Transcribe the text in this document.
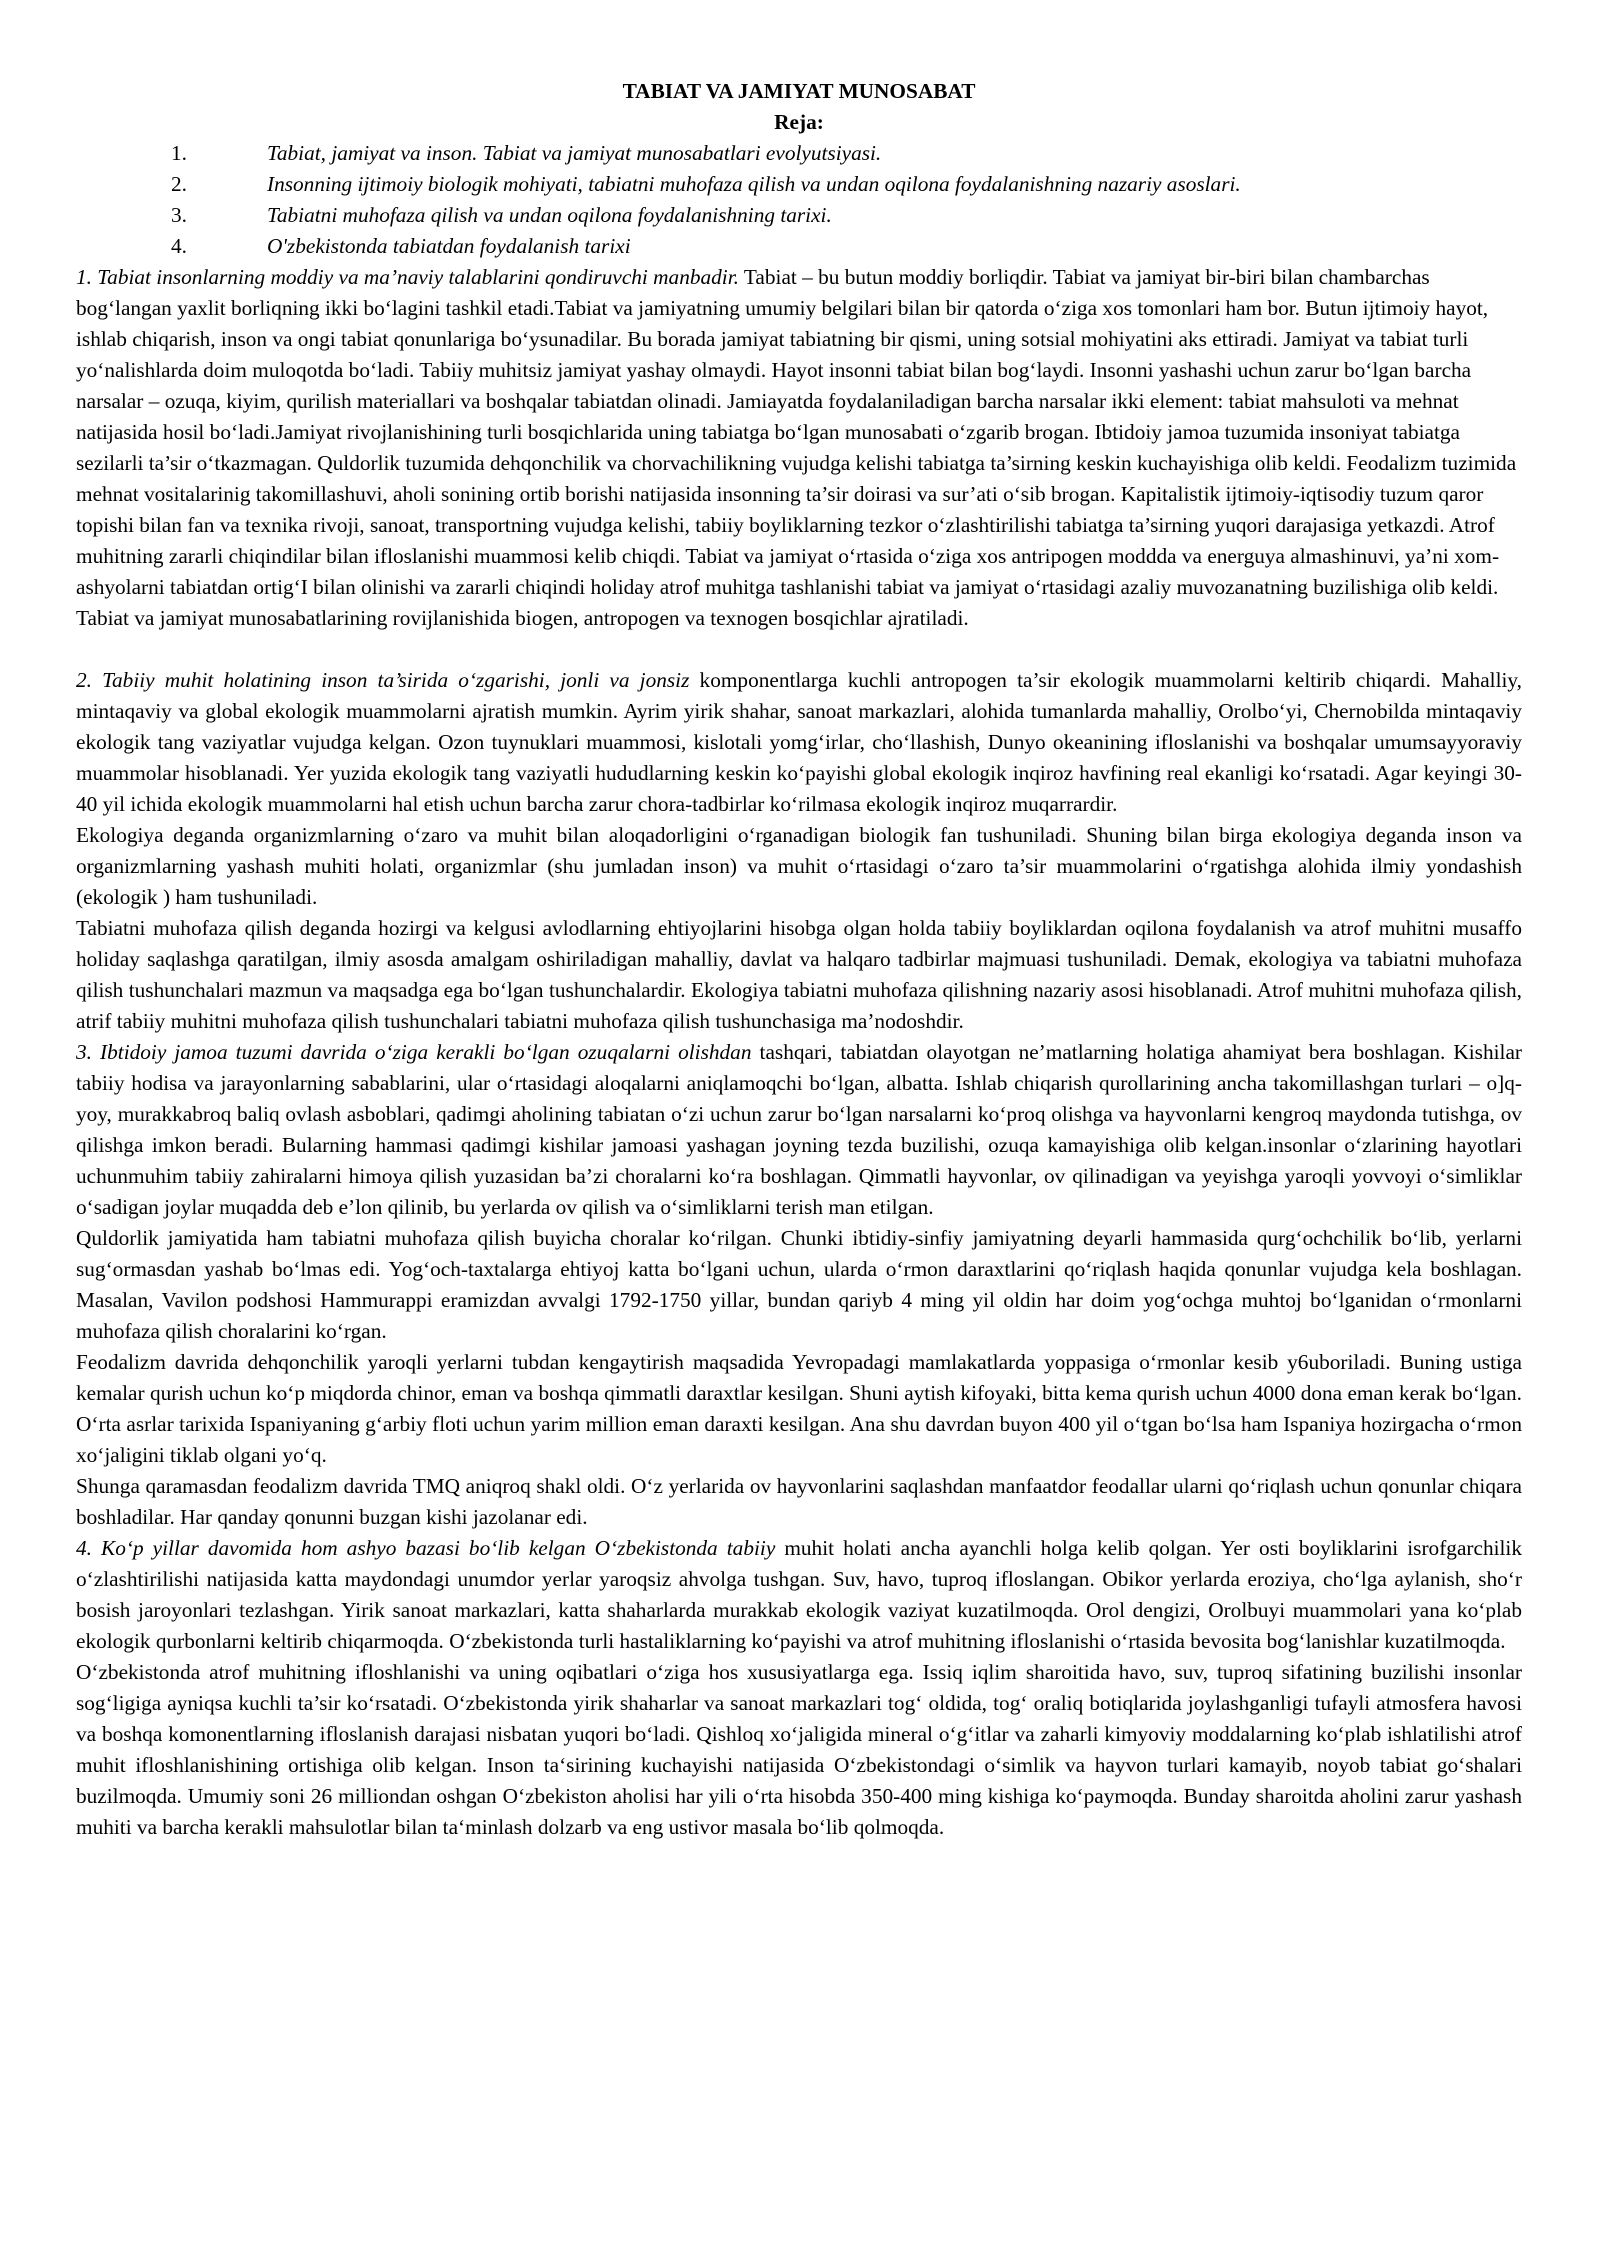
TABIAT VA JAMIYAT MUNOSABAT
Reja:
1.	Tabiat, jamiyat va inson. Tabiat va jamiyat munosabatlari evolyutsiyasi.
2.	Insonning ijtimoiy biologik mohiyati, tabiatni muhofaza qilish va undan oqilona foydalanishning nazariy asoslari.
3.	Tabiatni muhofaza qilish va undan oqilona foydalanishning tarixi.
4.	O'zbekistonda tabiatdan foydalanish tarixi

1. Tabiat insonlarning moddiy va ma’naviy talablarini qondiruvchi manbadir. Tabiat – bu butun moddiy borliqdir. Tabiat va jamiyat bir-biri bilan chambarchas bog‘langan yaxlit borliqning ikki bo‘lagini tashkil etadi.Tabiat va jamiyatning umumiy belgilari bilan bir qatorda o‘ziga xos tomonlari ham bor. Butun ijtimoiy hayot, ishlab chiqarish, inson va ongi tabiat qonunlariga bo‘ysunadilar. Bu borada jamiyat tabiatning bir qismi, uning sotsial mohiyatini aks ettiradi. Jamiyat va tabiat turli yo‘nalishlarda doim muloqotda bo‘ladi. Tabiiy muhitsiz jamiyat yashay olmaydi. Hayot insonni tabiat bilan bog‘laydi. Insonni yashashi uchun zarur bo‘lgan barcha narsalar – ozuqa, kiyim, qurilish materiallari va boshqalar tabiatdan olinadi. Jamiayatda foydalaniladigan barcha narsalar ikki element: tabiat mahsuloti va mehnat natijasida hosil bo‘ladi.Jamiyat rivojlanishining turli bosqichlarida uning tabiatga bo‘lgan munosabati o‘zgarib brogan. Ibtidoiy jamoa tuzumida insoniyat tabiatga sezilarli ta’sir o‘tkazmagan. Quldorlik tuzumida dehqonchilik va chorvachilikning vujudga kelishi tabiatga ta’sirning keskin kuchayishiga olib keldi. Feodalizm tuzimida mehnat vositalarinig takomillashuvi, aholi sonining ortib borishi natijasida insonning ta’sir doirasi va sur’ati o‘sib brogan. Kapitalistik ijtimoiy-iqtisodiy tuzum qaror topishi bilan fan va texnika rivoji, sanoat, transportning vujudga kelishi, tabiiy boyliklarning tezkor o‘zlashtirilishi tabiatga ta’sirning yuqori darajasiga yetkazdi. Atrof muhitning zararli chiqindilar bilan ifloslanishi muammosi kelib chiqdi. Tabiat va jamiyat o‘rtasida o‘ziga xos antripogen moddda va energuya almashinuvi, ya’ni xom-ashyolarni tabiatdan ortig‘I bilan olinishi va zararli chiqindi holiday atrof muhitga tashlanishi tabiat va jamiyat o‘rtasidagi azaliy muvozanatning buzilishiga olib keldi. Tabiat va jamiyat munosabatlarining rovijlanishida biogen, antropogen va texnogen bosqichlar ajratiladi.

2. Tabiiy muhit holatining inson ta’sirida o‘zgarishi, jonli va jonsiz komponentlarga kuchli antropogen ta’sir ekologik muammolarni keltirib chiqardi. Mahalliy, mintaqaviy va global ekologik muammolarni ajratish mumkin. Ayrim yirik shahar, sanoat markazlari, alohida tumanlarda mahalliy, Orolbo‘yi, Chernobilda mintaqaviy ekologik tang vaziyatlar vujudga kelgan. Ozon tuynuklari muammosi, kislotali yomg‘irlar, cho‘llashish, Dunyo okeanining ifloslanishi va boshqalar umumsayyoraviy muammolar hisoblanadi. Yer yuzida ekologik tang vaziyatli hududlarning keskin ko‘payishi global ekologik inqiroz havfining real ekanligi ko‘rsatadi. Agar keyingi 30-40 yil ichida ekologik muammolarni hal etish uchun barcha zarur chora-tadbirlar ko‘rilmasa ekologik inqiroz muqarrardir.

Ekologiya deganda organizmlarning o‘zaro va muhit bilan aloqadorligini o‘rganadigan biologik fan tushuniladi. Shuning bilan birga ekologiya deganda inson va organizmlarning yashash muhiti holati, organizmlar (shu jumladan inson) va muhit o‘rtasidagi o‘zaro ta’sir muammolarini o‘rgatishga alohida ilmiy yondashish (ekologik ) ham tushuniladi.

Tabiatni muhofaza qilish deganda hozirgi va kelgusi avlodlarning ehtiyojlarini hisobga olgan holda tabiiy boyliklardan oqilona foydalanish va atrof muhitni musaffo holiday saqlashga qaratilgan, ilmiy asosda amalgam oshiriladigan mahalliy, davlat va halqaro tadbirlar majmuasi tushuniladi. Demak, ekologiya va tabiatni muhofaza qilish tushunchalari mazmun va maqsadga ega bo‘lgan tushunchalardir. Ekologiya tabiatni muhofaza qilishning nazariy asosi hisoblanadi. Atrof muhitni muhofaza qilish, atrif tabiiy muhitni muhofaza qilish tushunchalari tabiatni muhofaza qilish tushunchasiga ma’nodoshdir.

3. Ibtidoiy jamoa tuzumi davrida o‘ziga kerakli bo‘lgan ozuqalarni olishdan tashqari, tabiatdan olayotgan ne’matlarning holatiga ahamiyat bera boshlagan. Kishilar tabiiy hodisa va jarayonlarning sabablarini, ular o‘rtasidagi aloqalarni aniqlamoqchi bo‘lgan, albatta. Ishlab chiqarish qurollarining ancha takomillashgan turlari – o]q-yoy, murakkabroq baliq ovlash asboblari, qadimgi aholining tabiatan o‘zi uchun zarur bo‘lgan narsalarni ko‘proq olishga va hayvonlarni kengroq maydonda tutishga, ov qilishga imkon beradi. Bularning hammasi qadimgi kishilar jamoasi yashagan joyning tezda buzilishi, ozuqa kamayishiga olib kelgan.insonlar o‘zlarining hayotlari uchunmuhim tabiiy zahiralarni himoya qilish yuzasidan ba’zi choralarni ko‘ra boshlagan. Qimmatli hayvonlar, ov qilinadigan va yeyishga yaroqli yovvoyi o‘simliklar o‘sadigan joylar muqadda deb e’lon qilinib, bu yerlarda ov qilish va o‘simliklarni terish man etilgan.

Quldorlik jamiyatida ham tabiatni muhofaza qilish buyicha choralar ko‘rilgan. Chunki ibtidiy-sinfiy jamiyatning deyarli hammasida qurg‘ochchilik bo‘lib, yerlarni sug‘ormasdan yashab bo‘lmas edi. Yog‘och-taxtalarga ehtiyoj katta bo‘lgani uchun, ularda o‘rmon daraxtlarini qo‘riqlash haqida qonunlar vujudga kela boshlagan. Masalan, Vavilon podshosi Hammurappi eramizdan avvalgi 1792-1750 yillar, bundan qariyb 4 ming yil oldin har doim yog‘ochga muhtoj bo‘lganidan o‘rmonlarni muhofaza qilish choralarini ko‘rgan.

Feodalizm davrida dehqonchilik yaroqli yerlarni tubdan kengaytirish maqsadida Yevropadagi mamlakatlarda yoppasiga o‘rmonlar kesib y6uboriladi. Buning ustiga kemalar qurish uchun ko‘p miqdorda chinor, eman va boshqa qimmatli daraxtlar kesilgan. Shuni aytish kifoyaki, bitta kema qurish uchun 4000 dona eman kerak bo‘lgan. O‘rta asrlar tarixida Ispaniyaning g‘arbiy floti uchun yarim million eman daraxti kesilgan. Ana shu davrdan buyon 400 yil o‘tgan bo‘lsa ham Ispaniya hozirgacha o‘rmon xo‘jaligini tiklab olgani yo‘q.

Shunga qaramasdan feodalizm davrida TMQ aniqroq shakl oldi. O‘z yerlarida ov hayvonlarini saqlashdan manfaatdor feodallar ularni qo‘riqlash uchun qonunlar chiqara boshladilar. Har qanday qonunni buzgan kishi jazolanar edi.

4. Ko‘p yillar davomida hom ashyo bazasi bo‘lib kelgan O‘zbekistonda tabiiy muhit holati ancha ayanchli holga kelib qolgan. Yer osti boyliklarini isrofgarchilik o‘zlashtirilishi natijasida katta maydondagi unumdor yerlar yaroqsiz ahvolga tushgan. Suv, havo, tuproq ifloslangan. Obikor yerlarda eroziya, cho‘lga aylanish, sho‘r bosish jaroyonlari tezlashgan. Yirik sanoat markazlari, katta shaharlarda murakkab ekologik vaziyat kuzatilmoqda. Orol dengizi, Orolbuyi muammolari yana ko‘plab ekologik qurbonlarni keltirib chiqarmoqda. O‘zbekistonda turli hastaliklarning ko‘payishi va atrof muhitning ifloslanishi o‘rtasida bevosita bog‘lanishlar kuzatilmoqda.

O‘zbekistonda atrof muhitning ifloshlanishi va uning oqibatlari o‘ziga hos xususiyatlarga ega. Issiq iqlim sharoitida havo, suv, tuproq sifatining buzilishi insonlar sog‘ligiga ayniqsa kuchli ta’sir ko‘rsatadi. O‘zbekistonda yirik shaharlar va sanoat markazlari tog‘ oldida, tog‘ oraliq botiqlarida joylashganligi tufayli atmosfera havosi va boshqa komonentlarning ifloslanish darajasi nisbatan yuqori bo‘ladi. Qishloq xo‘jaligida mineral o‘g‘itlar va zaharli kimyoviy moddalarning ko‘plab ishlatilishi atrof muhit ifloshlanishining ortishiga olib kelgan. Inson ta‘sirining kuchayishi natijasida O‘zbekistondagi o‘simlik va hayvon turlari kamayib, noyob tabiat go‘shalari buzilmoqda. Umumiy soni 26 milliondan oshgan O‘zbekiston aholisi har yili o‘rta hisobda 350-400 ming kishiga ko‘paymoqda. Bunday sharoitda aholini zarur yashash muhiti va barcha kerakli mahsulotlar bilan ta‘minlash dolzarb va eng ustivor masala bo‘lib qolmoqda.
